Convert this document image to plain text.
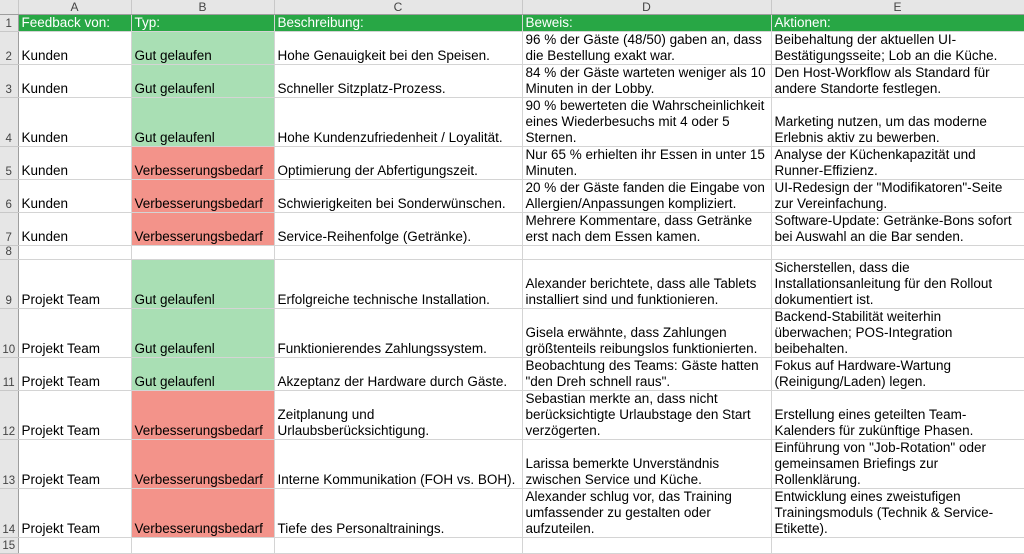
	A	B	C	D	E
1	Feedback von:	Typ:	Beschreibung:	Beweis:	Aktionen:
2	Kunden	Gut gelaufen	Hohe Genauigkeit bei den Speisen.	96 % der Gäste (48/50) gaben an, dass die Bestellung exakt war.	Beibehaltung der aktuellen UI-Bestätigungsseite; Lob an die Küche.
3	Kunden	Gut gelaufenl	Schneller Sitzplatz-Prozess.	84 % der Gäste warteten weniger als 10 Minuten in der Lobby.	Den Host-Workflow als Standard für andere Standorte festlegen.
4	Kunden	Gut gelaufenl	Hohe Kundenzufriedenheit / Loyalität.	90 % bewerteten die Wahrscheinlichkeit eines Wiederbesuchs mit 4 oder 5 Sternen.	Marketing nutzen, um das moderne Erlebnis aktiv zu bewerben.
5	Kunden	Verbesserungsbedarf	Optimierung der Abfertigungszeit.	Nur 65 % erhielten ihr Essen in unter 15 Minuten.	Analyse der Küchenkapazität und Runner-Effizienz.
6	Kunden	Verbesserungsbedarf	Schwierigkeiten bei Sonderwünschen.	20 % der Gäste fanden die Eingabe von Allergien/Anpassungen kompliziert.	UI-Redesign der "Modifikatoren"-Seite zur Vereinfachung.
7	Kunden	Verbesserungsbedarf	Service-Reihenfolge (Getränke).	Mehrere Kommentare, dass Getränke erst nach dem Essen kamen.	Software-Update: Getränke-Bons sofort bei Auswahl an die Bar senden.
8					
9	Projekt Team	Gut gelaufenl	Erfolgreiche technische Installation.	Alexander berichtete, dass alle Tablets installiert sind und funktionieren.	Sicherstellen, dass die Installationsanleitung für den Rollout dokumentiert ist.
10	Projekt Team	Gut gelaufenl	Funktionierendes Zahlungssystem.	Gisela erwähnte, dass Zahlungen größtenteils reibungslos funktionierten.	Backend-Stabilität weiterhin überwachen; POS-Integration beibehalten.
11	Projekt Team	Gut gelaufenl	Akzeptanz der Hardware durch Gäste.	Beobachtung des Teams: Gäste hatten "den Dreh schnell raus".	Fokus auf Hardware-Wartung (Reinigung/Laden) legen.
12	Projekt Team	Verbesserungsbedarf	Zeitplanung und Urlaubsberücksichtigung.	Sebastian merkte an, dass nicht berücksichtigte Urlaubstage den Start verzögerten.	Erstellung eines geteilten Team-Kalenders für zukünftige Phasen.
13	Projekt Team	Verbesserungsbedarf	Interne Kommunikation (FOH vs. BOH).	Larissa bemerkte Unverständnis zwischen Service und Küche.	Einführung von "Job-Rotation" oder gemeinsamen Briefings zur Rollenklärung.
14	Projekt Team	Verbesserungsbedarf	Tiefe des Personaltrainings.	Alexander schlug vor, das Training umfassender zu gestalten oder aufzuteilen.	Entwicklung eines zweistufigen Trainingsmoduls (Technik & Service-Etikette).
15					
